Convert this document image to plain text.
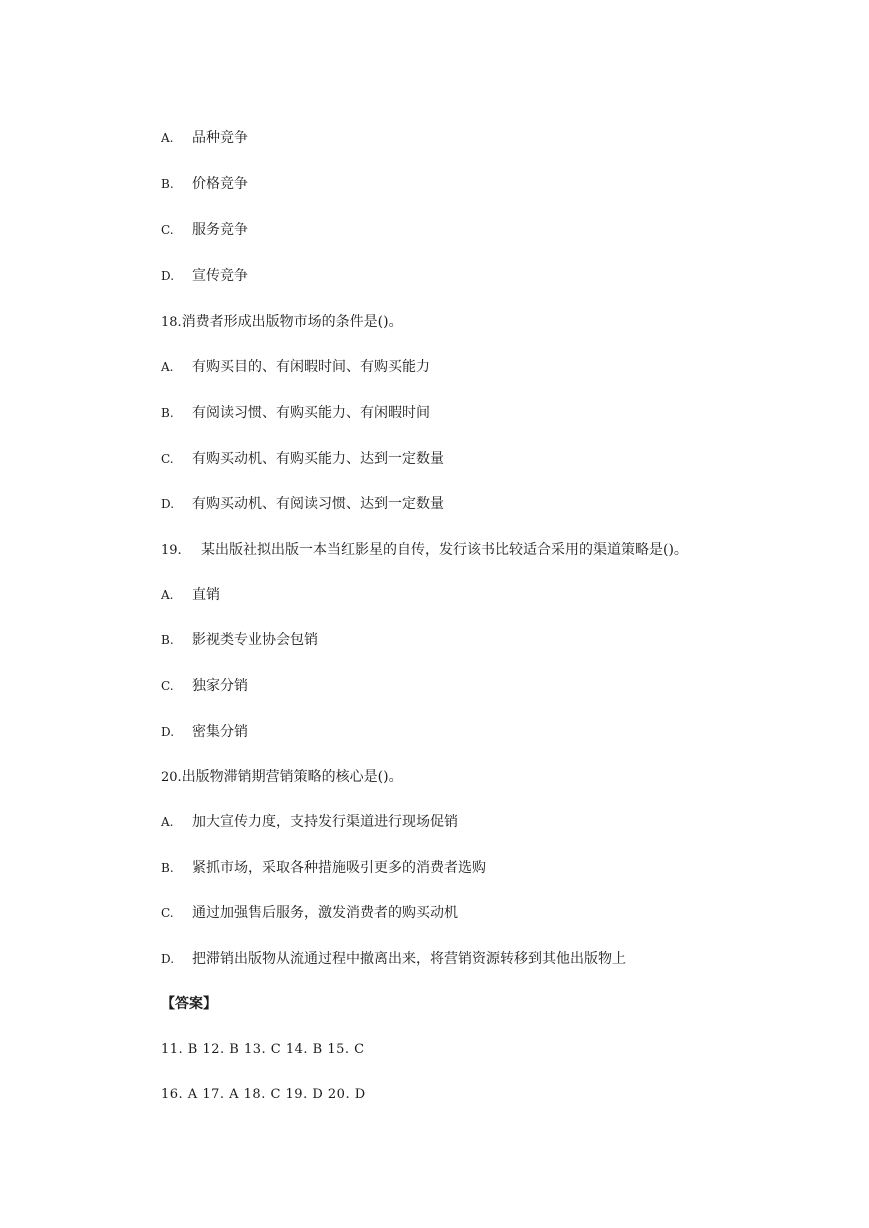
A. 品种竞争
B. 价格竞争
C. 服务竞争
D. 宣传竞争
18.消费者形成出版物市场的条件是()。
A. 有购买目的、有闲暇时间、有购买能力
B. 有阅读习惯、有购买能力、有闲暇时间
C. 有购买动机、有购买能力、达到一定数量
D. 有购买动机、有阅读习惯、达到一定数量
19. 某出版社拟出版一本当红影星的自传，发行该书比较适合采用的渠道策略是()。
A. 直销
B. 影视类专业协会包销
C. 独家分销
D. 密集分销
20.出版物滞销期营销策略的核心是()。
A. 加大宣传力度，支持发行渠道进行现场促销
B. 紧抓市场，采取各种措施吸引更多的消费者选购
C. 通过加强售后服务，激发消费者的购买动机
D. 把滞销出版物从流通过程中撤离出来，将营销资源转移到其他出版物上
【答案】
11. B 12. B 13. C 14. B 15. C
16. A 17. A 18. C 19. D 20. D
